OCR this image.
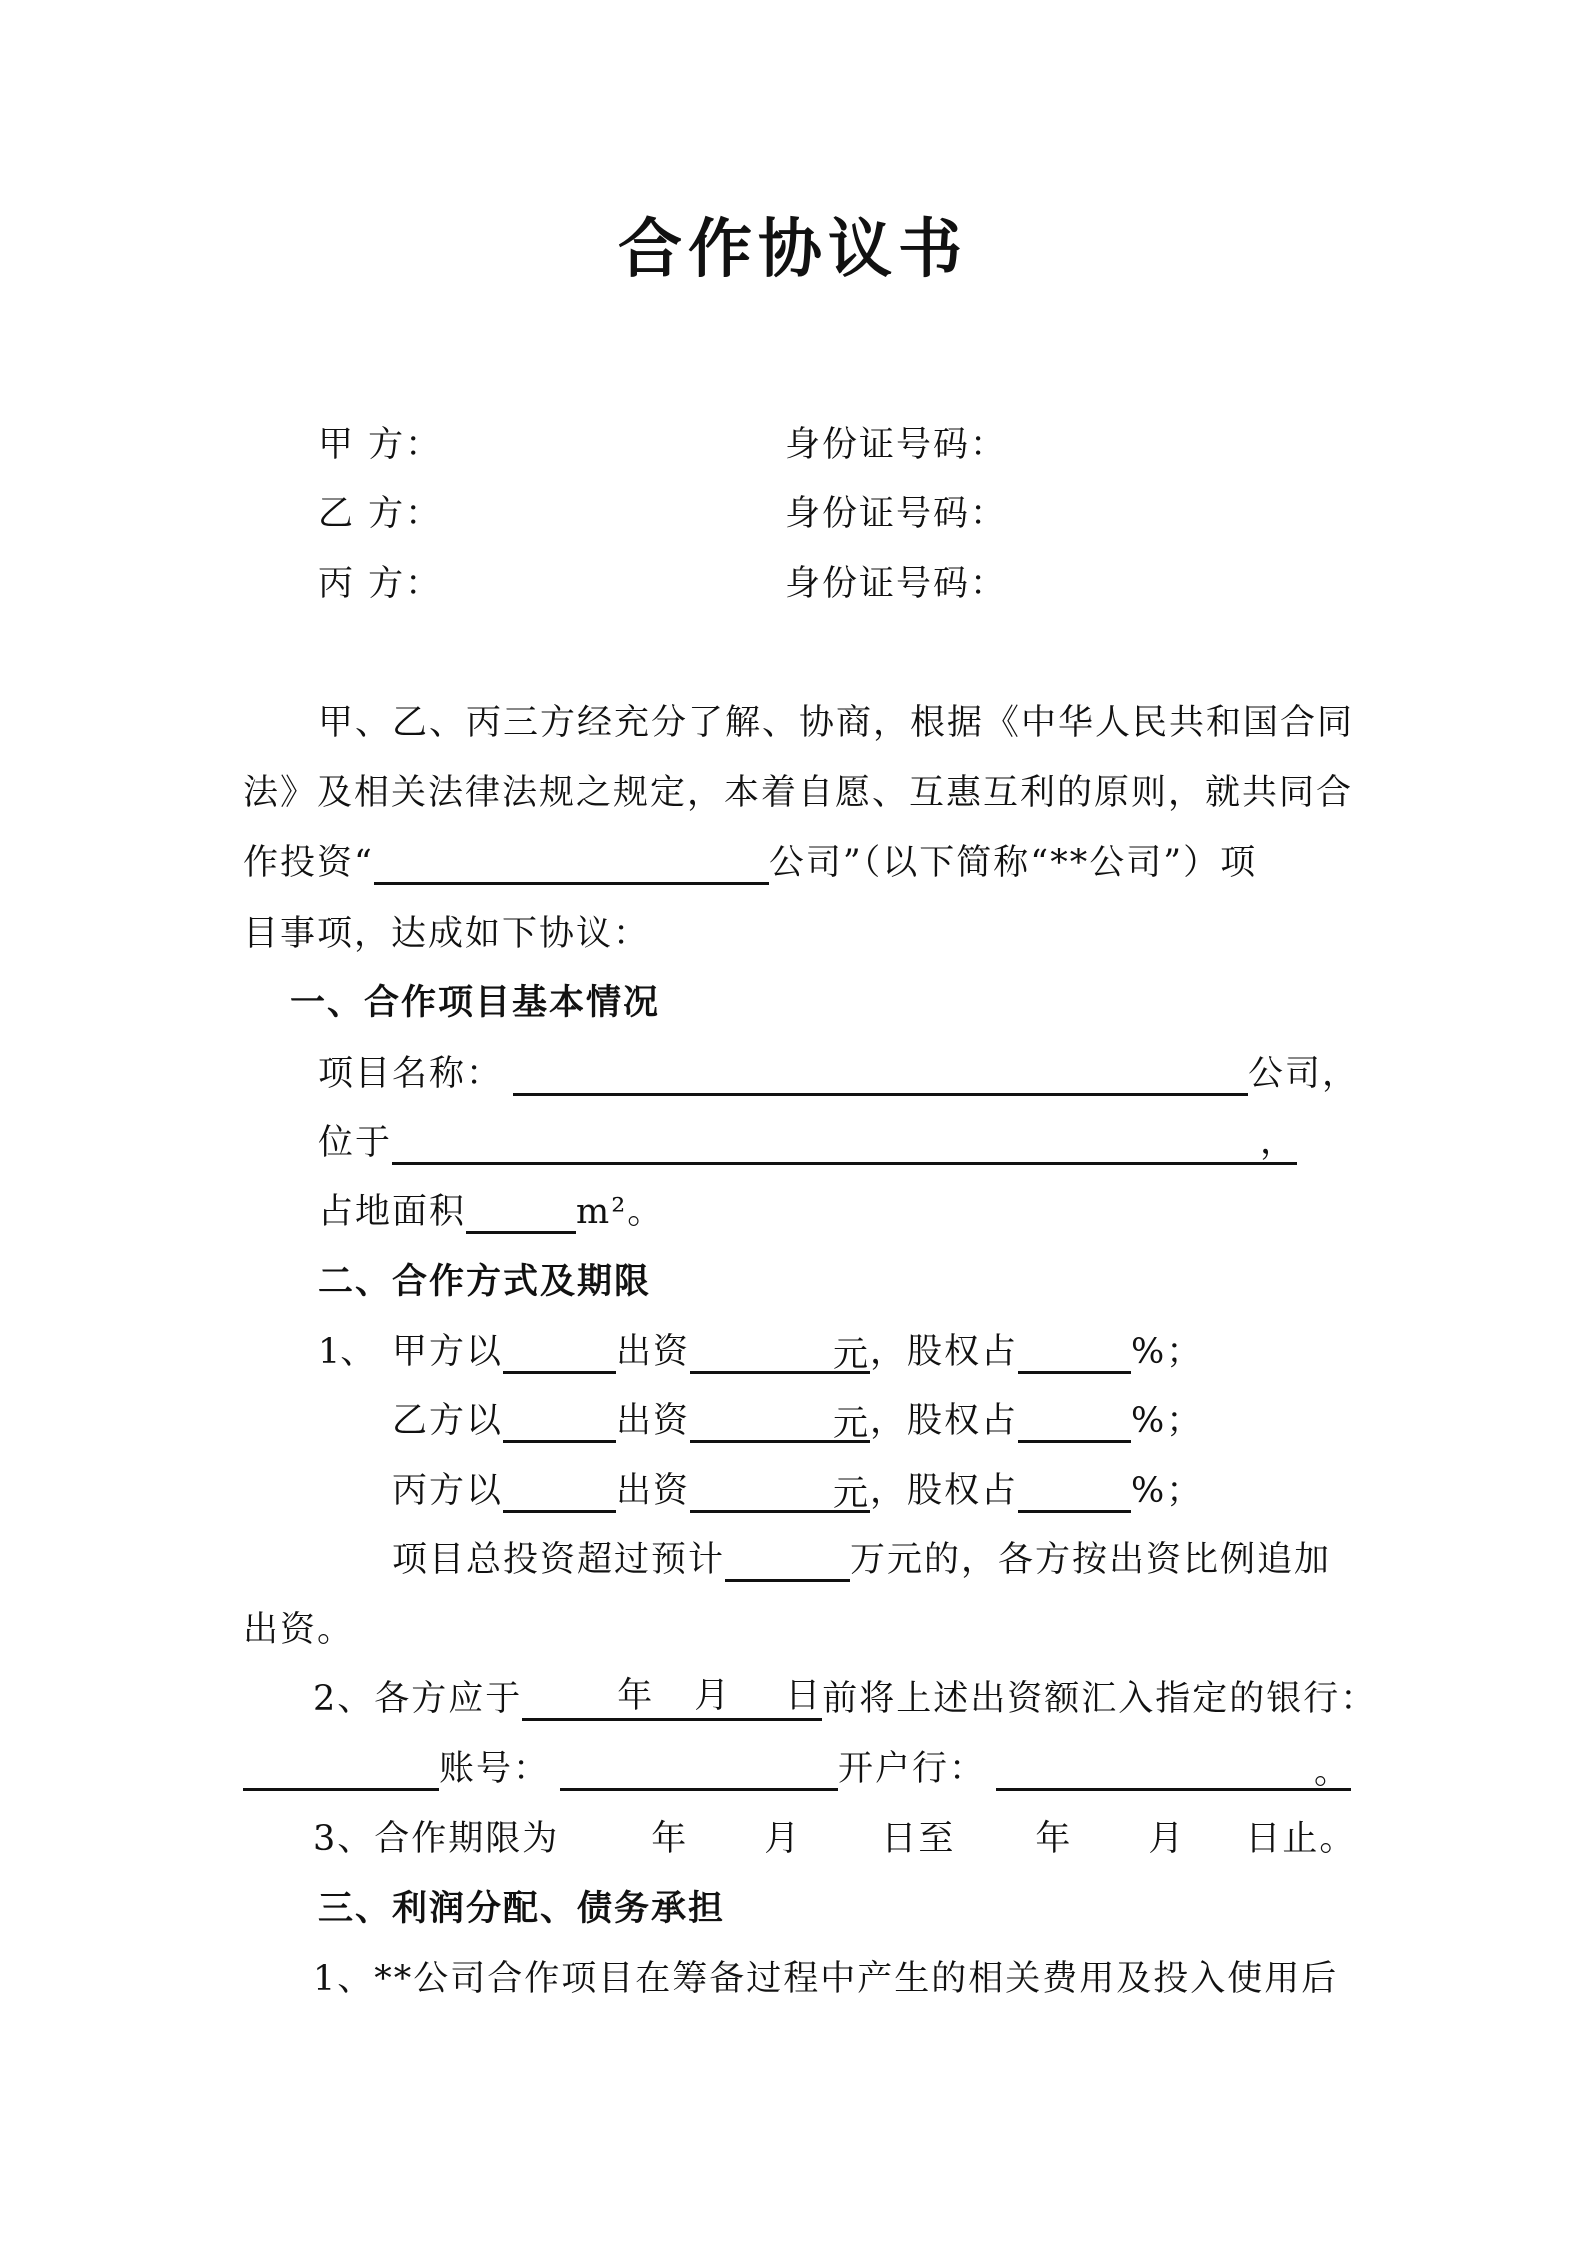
合作协议书
甲 方：	身份证号码：
乙 方：	身份证号码：
丙 方：	身份证号码：
甲、乙、丙三方经充分了解、协商，根据《中华人民共和国合同
法》及相关法律法规之规定，本着自愿、互惠互利的原则，就共同合
作投资“	公司”（以下简称“**公司”）项
目事项，达成如下协议：
一、合作项目基本情况
项目名称：	公司，
位于	，
占地面积	m²。
二、合作方式及期限
1、 甲方以	出资	元，股权占	%；
乙方以	出资	元，股权占	%；
丙方以	出资	元，股权占	%；
项目总投资超过预计	万元的，各方按出资比例追加
出资。
2、各方应于	年 月 日 前将上述出资额汇入指定的银行：
账号：	开户行：	。
3、合作期限为	年 月 日至 年 月 日止。
三、利润分配、债务承担
1、**公司合作项目在筹备过程中产生的相关费用及投入使用后
